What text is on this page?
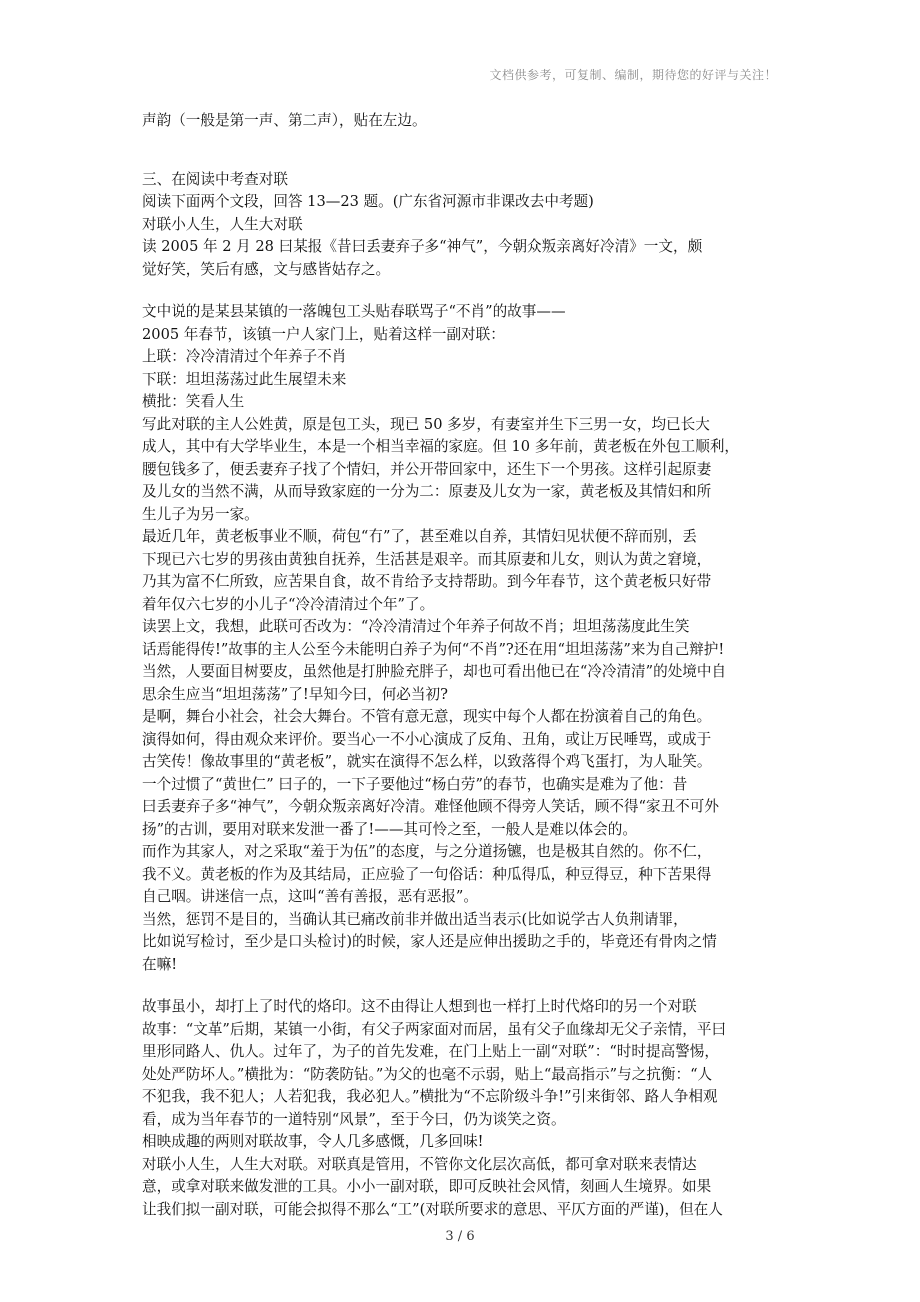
文档供参考，可复制、编制，期待您的好评与关注！
声韵（一般是第一声、第二声），贴在左边。
三、在阅读中考查对联
阅读下面两个文段，回答 13—23 题。(广东省河源市非课改去中考题)
对联小人生，人生大对联
读 2005 年 2 月 28 曰某报《昔曰丢妻弃子多“神气”，今朝众叛亲离好冷清》一文，颇
觉好笑，笑后有感，文与感皆姑存之。
文中说的是某县某镇的一落魄包工头贴春联骂子“不肖”的故事——
2005 年春节，该镇一户人家门上，贴着这样一副对联：
上联：冷冷清清过个年养子不肖
下联：坦坦荡荡过此生展望未来
横批：笑看人生
写此对联的主人公姓黄，原是包工头，现已 50 多岁，有妻室并生下三男一女，均已长大
成人，其中有大学毕业生，本是一个相当幸福的家庭。但 10 多年前，黄老板在外包工顺利，
腰包钱多了，便丢妻弃子找了个情妇，并公开带回家中，还生下一个男孩。这样引起原妻
及儿女的当然不满，从而导致家庭的一分为二：原妻及儿女为一家，黄老板及其情妇和所
生儿子为另一家。
最近几年，黄老板事业不顺，荷包“冇”了，甚至难以自养，其情妇见状便不辞而别，丢
下现已六七岁的男孩由黄独自抚养，生活甚是艰辛。而其原妻和儿女，则认为黄之窘境，
乃其为富不仁所致，应苦果自食，故不肯给予支持帮助。到今年春节，这个黄老板只好带
着年仅六七岁的小儿子“冷冷清清过个年”了。
读罢上文，我想，此联可否改为：“冷冷清清过个年养子何故不肖；坦坦荡荡度此生笑
话焉能得传!”故事的主人公至今未能明白养子为何“不肖”?还在用“坦坦荡荡”来为自己辩护!
当然，人要面目树要皮，虽然他是打肿脸充胖子，却也可看出他已在“冷冷清清”的处境中自
思余生应当“坦坦荡荡”了!早知今曰，何必当初?
是啊，舞台小社会，社会大舞台。不管有意无意，现实中每个人都在扮演着自己的角色。
演得如何，得由观众来评价。要当心一不小心演成了反角、丑角，或让万民唾骂，或成于
古笑传！像故事里的“黄老板”，就实在演得不怎么样，以致落得个鸡飞蛋打，为人耻笑。
一个过惯了“黄世仁” 曰子的，一下子要他过“杨白劳”的春节，也确实是难为了他：昔
曰丢妻弃子多“神气”，今朝众叛亲离好冷清。难怪他顾不得旁人笑话，顾不得“家丑不可外
扬”的古训，要用对联来发泄一番了!——其可怜之至，一般人是难以体会的。
而作为其家人，对之采取“羞于为伍”的态度，与之分道扬镳，也是极其自然的。你不仁，
我不义。黄老板的作为及其结局，正应验了一句俗话：种瓜得瓜，种豆得豆，种下苦果得
自己咽。讲迷信一点，这叫“善有善报，恶有恶报”。
当然，惩罚不是目的，当确认其已痛改前非并做出适当表示(比如说学古人负荆请罪，
比如说写检讨，至少是口头检讨)的时候，家人还是应伸出援助之手的，毕竟还有骨肉之情
在嘛!
故事虽小，却打上了时代的烙印。这不由得让人想到也一样打上时代烙印的另一个对联
故事：“文革”后期，某镇一小街，有父子两家面对而居，虽有父子血缘却无父子亲情，平曰
里形同路人、仇人。过年了，为子的首先发难，在门上贴上一副“对联”：“时时提高警惕，
处处严防坏人。”横批为：“防袭防钻。”为父的也毫不示弱，贴上“最高指示”与之抗衡：“人
不犯我，我不犯人；人若犯我，我必犯人。”横批为“不忘阶级斗争!”引来街邻、路人争相观
看，成为当年春节的一道特别“风景”，至于今曰，仍为谈笑之资。
相映成趣的两则对联故事，令人几多感慨，几多回味!
对联小人生，人生大对联。对联真是管用，不管你文化层次高低，都可拿对联来表情达
意，或拿对联来做发泄的工具。小小一副对联，即可反映社会风情，刻画人生境界。如果
让我们拟一副对联，可能会拟得不那么“工”(对联所要求的意思、平仄方面的严谨)，但在人
3 / 6
